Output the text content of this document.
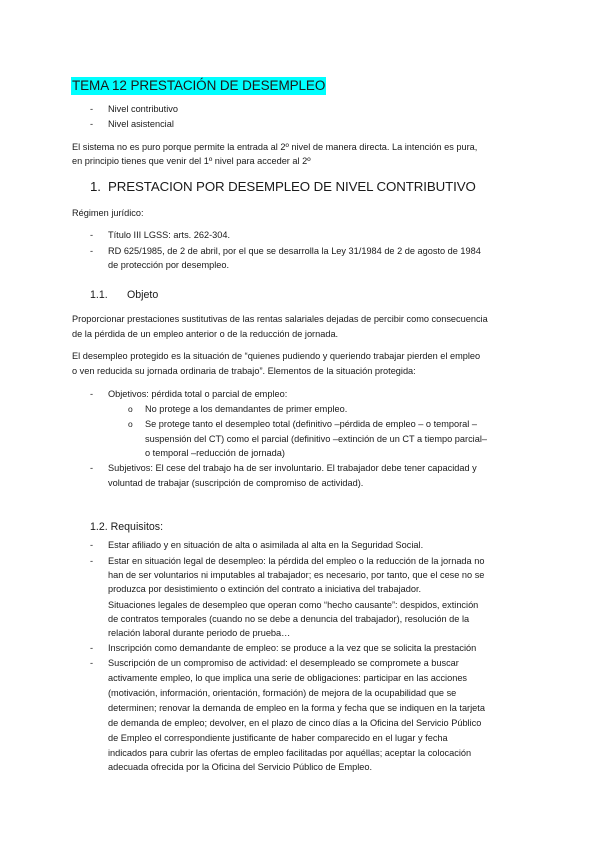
TEMA 12 PRESTACIÓN DE DESEMPLEO
- Nivel contributivo
- Nivel asistencial
El sistema no es puro porque permite la entrada al 2º nivel de manera directa. La intención es pura,
en principio tienes que venir del 1º nivel para acceder al 2º
1. PRESTACION POR DESEMPLEO DE NIVEL CONTRIBUTIVO
Régimen jurídico:
- Título III LGSS: arts. 262-304.
- RD 625/1985, de 2 de abril, por el que se desarrolla la Ley 31/1984 de 2 de agosto de 1984
de protección por desempleo.
1.1. Objeto
Proporcionar prestaciones sustitutivas de las rentas salariales dejadas de percibir como consecuencia
de la pérdida de un empleo anterior o de la reducción de jornada.
El desempleo protegido es la situación de “quienes pudiendo y queriendo trabajar pierden el empleo
o ven reducida su jornada ordinaria de trabajo”. Elementos de la situación protegida:
- Objetivos: pérdida total o parcial de empleo:
o No protege a los demandantes de primer empleo.
o Se protege tanto el desempleo total (definitivo –pérdida de empleo – o temporal –
suspensión del CT) como el parcial (definitivo –extinción de un CT a tiempo parcial–
o temporal –reducción de jornada)
- Subjetivos: El cese del trabajo ha de ser involuntario. El trabajador debe tener capacidad y
voluntad de trabajar (suscripción de compromiso de actividad).
1.2. Requisitos:
- Estar afiliado y en situación de alta o asimilada al alta en la Seguridad Social.
- Estar en situación legal de desempleo: la pérdida del empleo o la reducción de la jornada no
han de ser voluntarios ni imputables al trabajador; es necesario, por tanto, que el cese no se
produzca por desistimiento o extinción del contrato a iniciativa del trabajador.
Situaciones legales de desempleo que operan como “hecho causante”: despidos, extinción
de contratos temporales (cuando no se debe a denuncia del trabajador), resolución de la
relación laboral durante periodo de prueba…
- Inscripción como demandante de empleo: se produce a la vez que se solicita la prestación
- Suscripción de un compromiso de actividad: el desempleado se compromete a buscar
activamente empleo, lo que implica una serie de obligaciones: participar en las acciones
(motivación, información, orientación, formación) de mejora de la ocupabilidad que se
determinen; renovar la demanda de empleo en la forma y fecha que se indiquen en la tarjeta
de demanda de empleo; devolver, en el plazo de cinco días a la Oficina del Servicio Público
de Empleo el correspondiente justificante de haber comparecido en el lugar y fecha
indicados para cubrir las ofertas de empleo facilitadas por aquéllas; aceptar la colocación
adecuada ofrecida por la Oficina del Servicio Público de Empleo.
